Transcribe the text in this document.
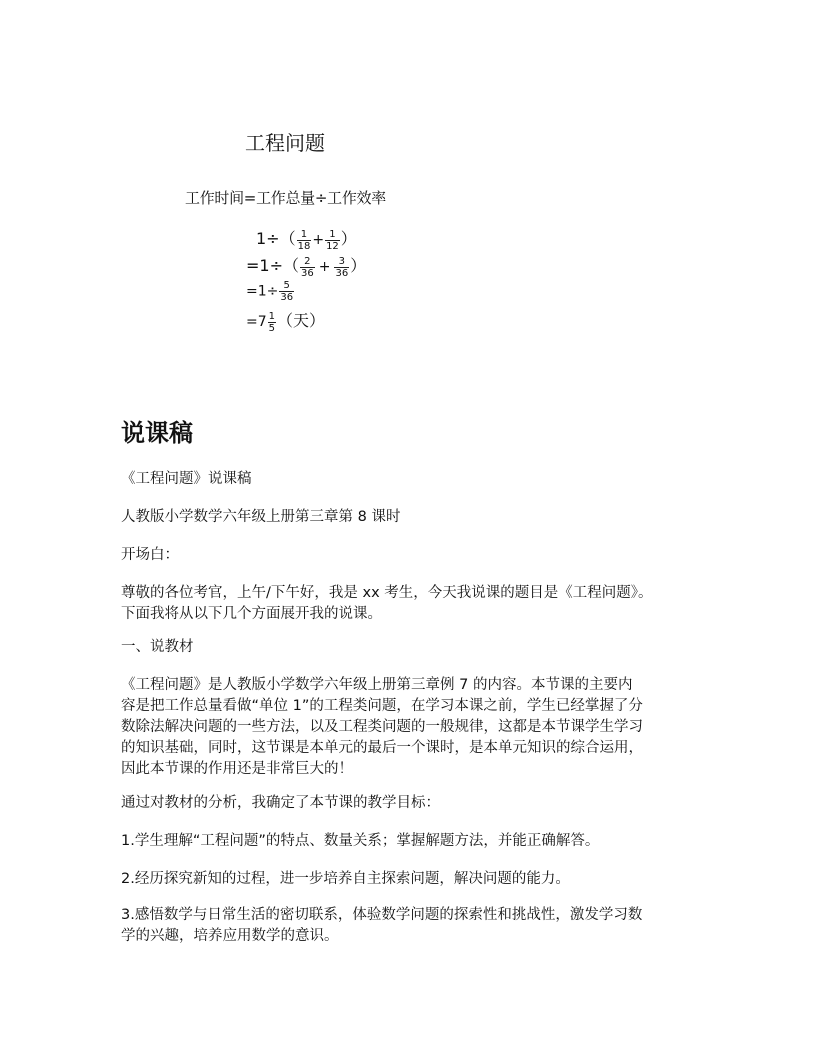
工程问题
工作时间=工作总量÷工作效率
$1\div( \frac{1}{18} + \frac{1}{12}$ ）
$=1\div( \frac{2}{36} + \frac{3}{36}$ ）
$=1\div \frac{5}{36}$
$=7 \frac{1}{5}$ （天）
说课稿
《工程问题》说课稿
人教版小学数学六年级上册第三章第 8 课时
开场白：
尊敬的各位考官，上午/下午好，我是 xx 考生，今天我说课的题目是《工程问题》。
下面我将从以下几个方面展开我的说课。
一、说教材
《工程问题》是人教版小学数学六年级上册第三章例 7 的内容。本节课的主要内
容是把工作总量看做“单位 1”的工程类问题，在学习本课之前，学生已经掌握了分
数除法解决问题的一些方法，以及工程类问题的一般规律，这都是本节课学生学习
的知识基础，同时，这节课是本单元的最后一个课时，是本单元知识的综合运用，
因此本节课的作用还是非常巨大的！
通过对教材的分析，我确定了本节课的教学目标：
1.学生理解“工程问题”的特点、数量关系；掌握解题方法，并能正确解答。
2.经历探究新知的过程，进一步培养自主探索问题，解决问题的能力。
3.感悟数学与日常生活的密切联系，体验数学问题的探索性和挑战性，激发学习数
学的兴趣，培养应用数学的意识。
